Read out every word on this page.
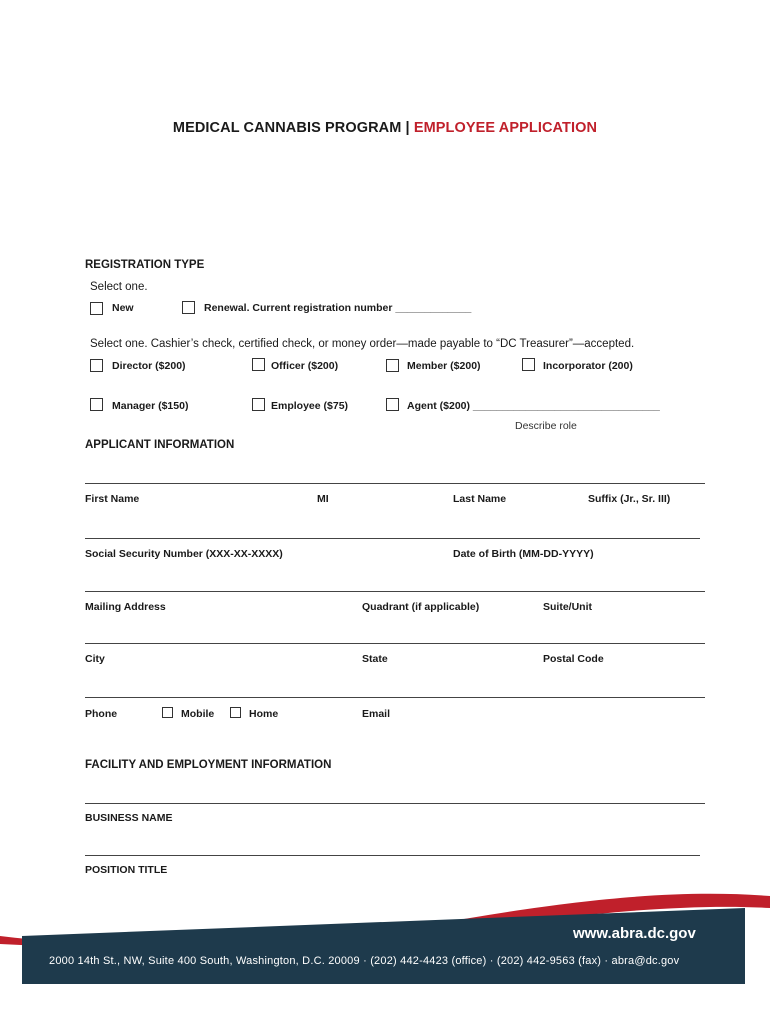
MEDICAL CANNABIS PROGRAM | EMPLOYEE APPLICATION
REGISTRATION TYPE
Select one.
New	Renewal. Current registration number _____________
Select one. Cashier’s check, certified check, or money order—made payable to “DC Treasurer”—accepted.
Director ($200)	Officer ($200)	Member ($200)	Incorporator (200)
Manager ($150)	Employee ($75)	Agent ($200) ________________________________
Describe role
APPLICANT INFORMATION
First Name	MI	Last Name	Suffix (Jr., Sr. III)
Social Security Number (XXX-XX-XXXX)	Date of Birth (MM-DD-YYYY)
Mailing Address	Quadrant (if applicable)	Suite/Unit
City	State	Postal Code
Phone	Mobile	Home	Email
FACILITY AND EMPLOYMENT INFORMATION
BUSINESS NAME
POSITION TITLE
www.abra.dc.gov
2000 14th St., NW, Suite 400 South, Washington, D.C. 20009 · (202) 442-4423 (office) · (202) 442-9563 (fax) · abra@dc.gov
